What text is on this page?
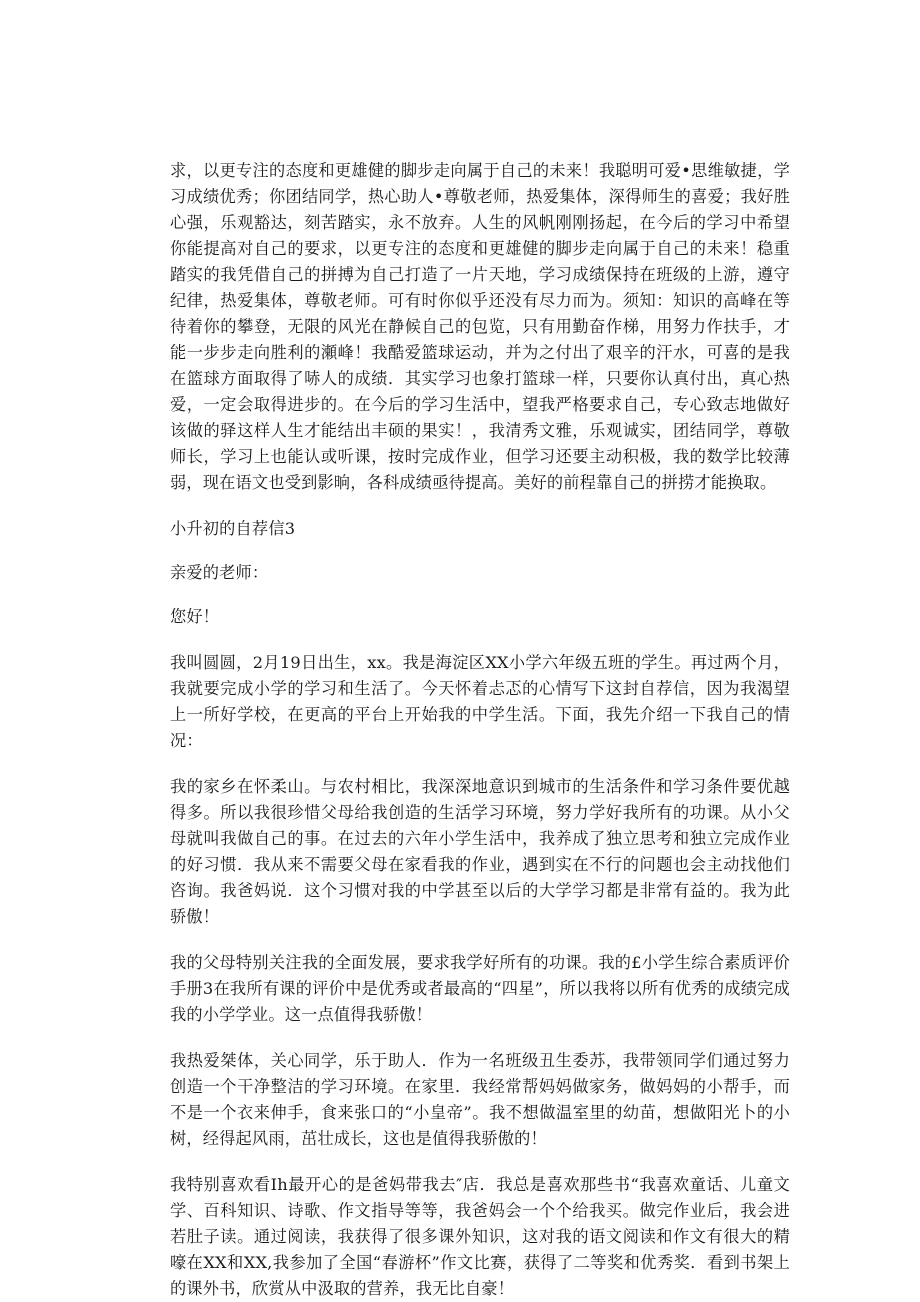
求，以更专注的态度和更雄健的脚步走向属于自己的未来！我聪明可爱•思维敏捷，学习成绩优秀；你团结同学，热心助人•尊敬老师，热爱集体，深得师生的喜爱；我好胜心强，乐观豁达，刻苦踏实，永不放弃。人生的风帆刚刚扬起，在今后的学习中希望你能提高对自己的要求，以更专注的态度和更雄健的脚步走向属于自己的未来！稳重踏实的我凭借自己的拼搏为自己打造了一片天地，学习成绩保持在班级的上游，遵守纪律，热爱集体，尊敬老师。可有时你似乎还没有尽力而为。须知：知识的高峰在等待着你的攀登，无限的风光在静候自己的包览，只有用勤奋作梯，用努力作扶手，才能一步步走向胜利的瀬峰！我酷爱篮球运动，并为之付出了艰辛的汗水，可喜的是我在篮球方面取得了哧人的成绩．其实学习也象打篮球一样，只要你认真付出，真心热爱，一定会取得进步的。在今后的学习生活中，望我严格要求自己，专心致志地做好该做的驿这样人生才能结出丰硕的果实！，我清秀文雅，乐观诚实，团结同学，尊敬师长，学习上也能认或听课，按时完成作业，但学习还要主动积极，我的数学比较薄弱，现在语文也受到影晌，各科成绩亟待提高。美好的前程靠自己的拼捞才能换取。

小升初的自荐信3

亲爱的老师：

您好！

我叫圆圆，2月19日出生，xx。我是海淀区XX小学六年级五班的学生。再过两个月，我就要完成小学的学习和生活了。今天怀着忐忑的心情写下这封自荐信，因为我渴望上一所好学校，在更高的平台上开始我的中学生活。下面，我先介绍一下我自己的情况：

我的家乡在怀柔山。与农村相比，我深深地意识到城市的生活条件和学习条件要优越得多。所以我很珍惜父母给我创造的生活学习环境，努力学好我所有的功课。从小父母就叫我做自己的事。在过去的六年小学生活中，我养成了独立思考和独立完成作业的好习惯．我从来不需要父母在家看我的作业，遇到实在不行的问题也会主动找他们咨询。我爸妈说．这个习惯对我的中学甚至以后的大学学习都是非常有益的。我为此骄傲！

我的父母特别关注我的全面发展，要求我学好所有的功课。我的£小学生综合素质评价手册3在我所有课的评价中是优秀或者最高的“四星”，所以我将以所有优秀的成绩完成我的小学学业。这一点值得我骄傲！

我热爱桀体，关心同学，乐于助人．作为一名班级丑生委苏，我带领同学们通过努力创造一个干净整洁的学习环境。在家里．我经常帮妈妈做家务，做妈妈的小帮手，而不是一个衣来伸手，食来张口的“小皇帝”。我不想做温室里的幼苗，想做阳光卜的小树，经得起风雨，茁壮成长，这也是值得我骄傲的！

我特别喜欢看Ih最开心的是爸妈带我去″店．我总是喜欢那些书“我喜欢童话、儿童文学、百科知识、诗歌、作文指导等等，我爸妈会一个个给我买。做完作业后，我会进若肚子读。通过阅读，我获得了很多课外知识，这对我的语文阅读和作文有很大的精嚎在XX和XX,我参加了全国“春游杯”作文比赛，获得了二等奖和优秀奖．看到书架上的课外书，欣赏从中汲取的营养，我无比自豪！
